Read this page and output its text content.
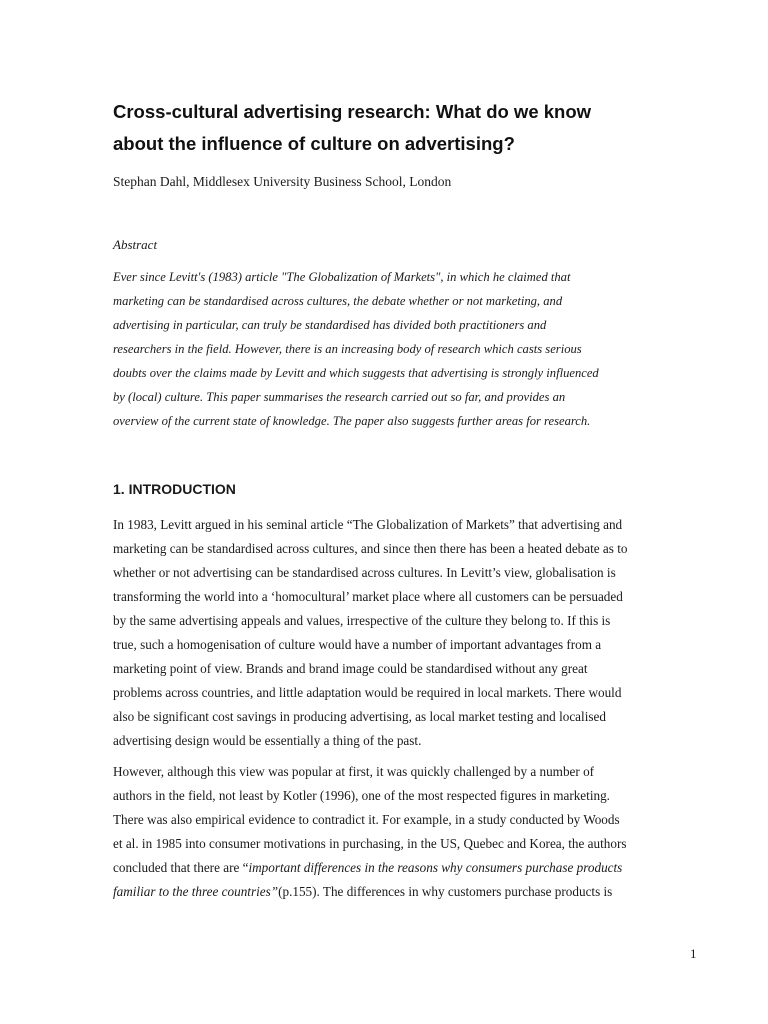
Cross-cultural advertising research: What do we know
about the influence of culture on advertising?

Stephan Dahl, Middlesex University Business School, London

Abstract

Ever since Levitt's (1983) article "The Globalization of Markets", in which he claimed that
marketing can be standardised across cultures, the debate whether or not marketing, and
advertising in particular, can truly be standardised has divided both practitioners and
researchers in the field. However, there is an increasing body of research which casts serious
doubts over the claims made by Levitt and which suggests that advertising is strongly influenced
by (local) culture. This paper summarises the research carried out so far, and provides an
overview of the current state of knowledge. The paper also suggests further areas for research.

1. INTRODUCTION

In 1983, Levitt argued in his seminal article “The Globalization of Markets” that advertising and
marketing can be standardised across cultures, and since then there has been a heated debate as to
whether or not advertising can be standardised across cultures. In Levitt’s view, globalisation is
transforming the world into a ‘homocultural’ market place where all customers can be persuaded
by the same advertising appeals and values, irrespective of the culture they belong to. If this is
true, such a homogenisation of culture would have a number of important advantages from a
marketing point of view. Brands and brand image could be standardised without any great
problems across countries, and little adaptation would be required in local markets. There would
also be significant cost savings in producing advertising, as local market testing and localised
advertising design would be essentially a thing of the past.

However, although this view was popular at first, it was quickly challenged by a number of
authors in the field, not least by Kotler (1996), one of the most respected figures in marketing.
There was also empirical evidence to contradict it. For example, in a study conducted by Woods
et al. in 1985 into consumer motivations in purchasing, in the US, Quebec and Korea, the authors
concluded that there are “important differences in the reasons why consumers purchase products
familiar to the three countries”(p.155). The differences in why customers purchase products is

1
